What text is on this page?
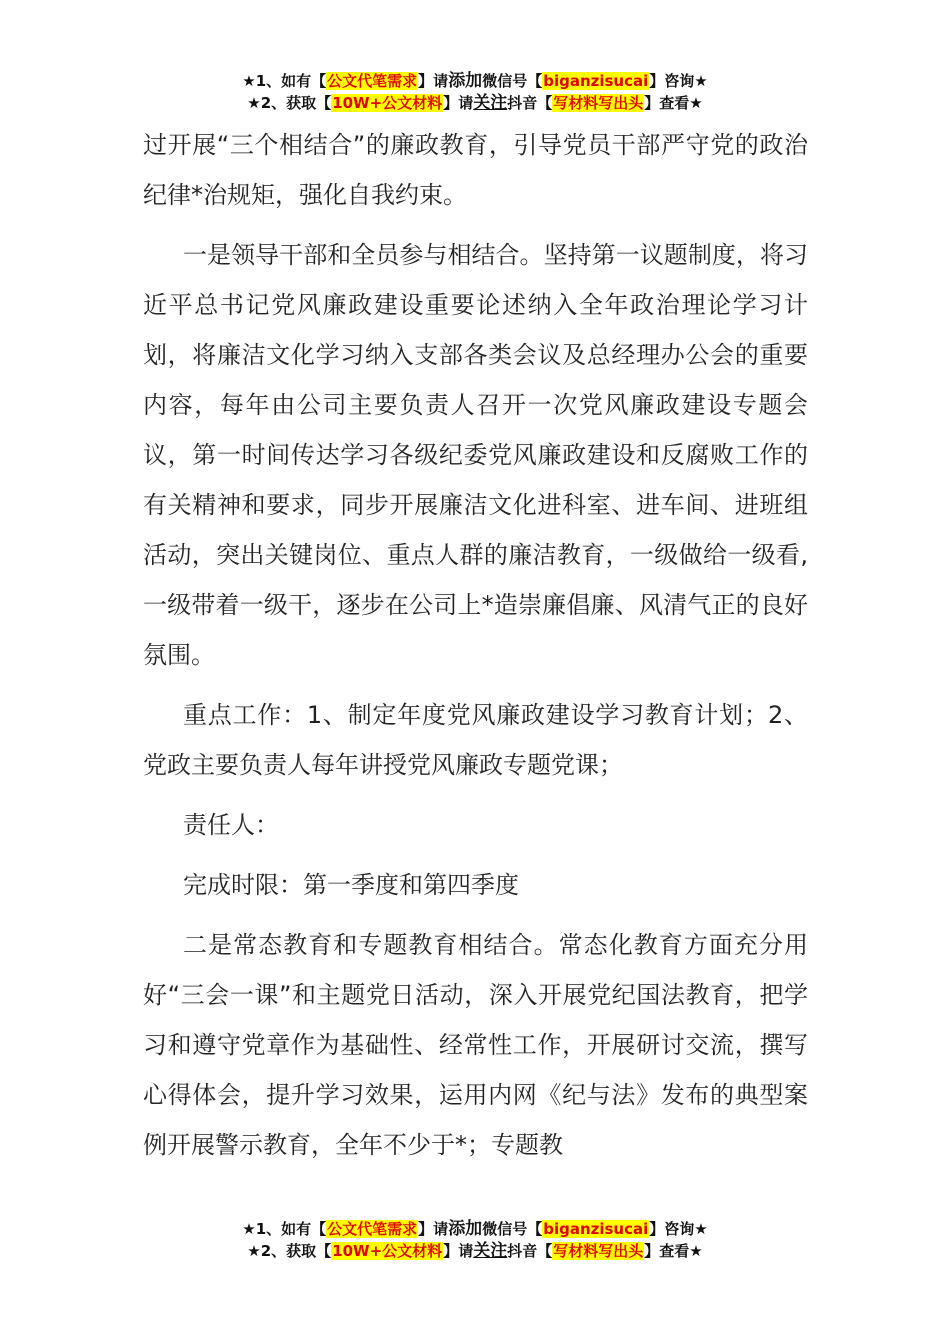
★1、如有【公文代笔需求】请添加微信号【biganzisucai】咨询★
★2、获取【10W+公文材料】请关注抖音【写材料写出头】查看★

过开展“三个相结合”的廉政教育，引导党员干部严守党的政治纪律*治规矩，强化自我约束。

一是领导干部和全员参与相结合。坚持第一议题制度，将习近平总书记党风廉政建设重要论述纳入全年政治理论学习计划，将廉洁文化学习纳入支部各类会议及总经理办公会的重要内容，每年由公司主要负责人召开一次党风廉政建设专题会议，第一时间传达学习各级纪委党风廉政建设和反腐败工作的有关精神和要求，同步开展廉洁文化进科室、进车间、进班组活动，突出关键岗位、重点人群的廉洁教育，一级做给一级看,一级带着一级干，逐步在公司上*造崇廉倡廉、风清气正的良好氛围。

重点工作：1、制定年度党风廉政建设学习教育计划；2、党政主要负责人每年讲授党风廉政专题党课；

责任人：

完成时限：第一季度和第四季度

二是常态教育和专题教育相结合。常态化教育方面充分用好“三会一课”和主题党日活动，深入开展党纪国法教育，把学习和遵守党章作为基础性、经常性工作，开展研讨交流，撰写心得体会，提升学习效果，运用内网《纪与法》发布的典型案例开展警示教育，全年不少于*；专题教

★1、如有【公文代笔需求】请添加微信号【biganzisucai】咨询★
★2、获取【10W+公文材料】请关注抖音【写材料写出头】查看★
